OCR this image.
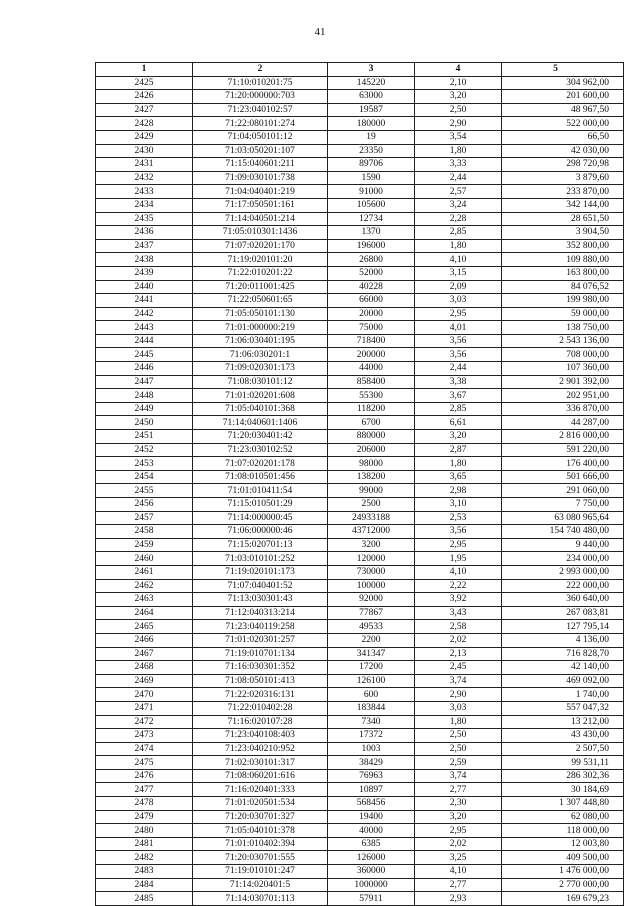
41
1	2	3	4	5
2425	71:10:010201:75	145220	2,10	304 962,00
2426	71:20:000000:703	63000	3,20	201 600,00
2427	71:23:040102:57	19587	2,50	48 967,50
2428	71:22:080101:274	180000	2,90	522 000,00
2429	71:04:050101:12	19	3,54	66,50
2430	71:03:050201:107	23350	1,80	42 030,00
2431	71:15:040601:211	89706	3,33	298 720,98
2432	71:09:030101:738	1590	2,44	3 879,60
2433	71:04:040401:219	91000	2,57	233 870,00
2434	71:17:050501:161	105600	3,24	342 144,00
2435	71:14:040501:214	12734	2,28	28 651,50
2436	71:05:010301:1436	1370	2,85	3 904,50
2437	71:07:020201:170	196000	1,80	352 800,00
2438	71:19:020101:20	26800	4,10	109 880,00
2439	71:22:010201:22	52000	3,15	163 800,00
2440	71:20:011001:425	40228	2,09	84 076,52
2441	71:22:050601:65	66000	3,03	199 980,00
2442	71:05:050101:130	20000	2,95	59 000,00
2443	71:01:000000:219	75000	4,01	138 750,00
2444	71:06:030401:195	718400	3,56	2 543 136,00
2445	71:06:030201:1	200000	3,56	708 000,00
2446	71:09:020301:173	44000	2,44	107 360,00
2447	71:08:030101:12	858400	3,38	2 901 392,00
2448	71:01:020201:608	55300	3,67	202 951,00
2449	71:05:040101:368	118200	2,85	336 870,00
2450	71:14:040601:1406	6700	6,61	44 287,00
2451	71:20:030401:42	880000	3,20	2 816 000,00
2452	71:23:030102:52	206000	2,87	591 220,00
2453	71:07:020201:178	98000	1,80	176 400,00
2454	71:08:010501:456	138200	3,65	501 666,00
2455	71:01:010411:54	99000	2,98	291 060,00
2456	71:15:010501:29	2500	3,10	7 750,00
2457	71:14:000000:45	24933188	2,53	63 080 965,64
2458	71:06:000000:46	43712000	3,56	154 740 480,00
2459	71:15:020701:13	3200	2,95	9 440,00
2460	71:03:010101:252	120000	1,95	234 000,00
2461	71:19:020101:173	730000	4,10	2 993 000,00
2462	71:07:040401:52	100000	2,22	222 000,00
2463	71:13:030301:43	92000	3,92	360 640,00
2464	71:12:040313:214	77867	3,43	267 083,81
2465	71:23:040119:258	49533	2,58	127 795,14
2466	71:01:020301:257	2200	2,02	4 136,00
2467	71:19:010701:134	341347	2,13	716 828,70
2468	71:16:030301:352	17200	2,45	42 140,00
2469	71:08:050101:413	126100	3,74	469 092,00
2470	71:22:020316:131	600	2,90	1 740,00
2471	71:22:010402:28	183844	3,03	557 047,32
2472	71:16:020107:28	7340	1,80	13 212,00
2473	71:23:040108:403	17372	2,50	43 430,00
2474	71:23:040210:952	1003	2,50	2 507,50
2475	71:02:030101:317	38429	2,59	99 531,11
2476	71:08:060201:616	76963	3,74	286 302,36
2477	71:16:020401:333	10897	2,77	30 184,69
2478	71:01:020501:534	568456	2,30	1 307 448,80
2479	71:20:030701:327	19400	3,20	62 080,00
2480	71:05:040101:378	40000	2,95	118 000,00
2481	71:01:010402:394	6385	2,02	12 003,80
2482	71:20:030701:555	126000	3,25	409 500,00
2483	71:19:010101:247	360000	4,10	1 476 000,00
2484	71:14:020401:5	1000000	2,77	2 770 000,00
2485	71:14:030701:113	57911	2,93	169 679,23
